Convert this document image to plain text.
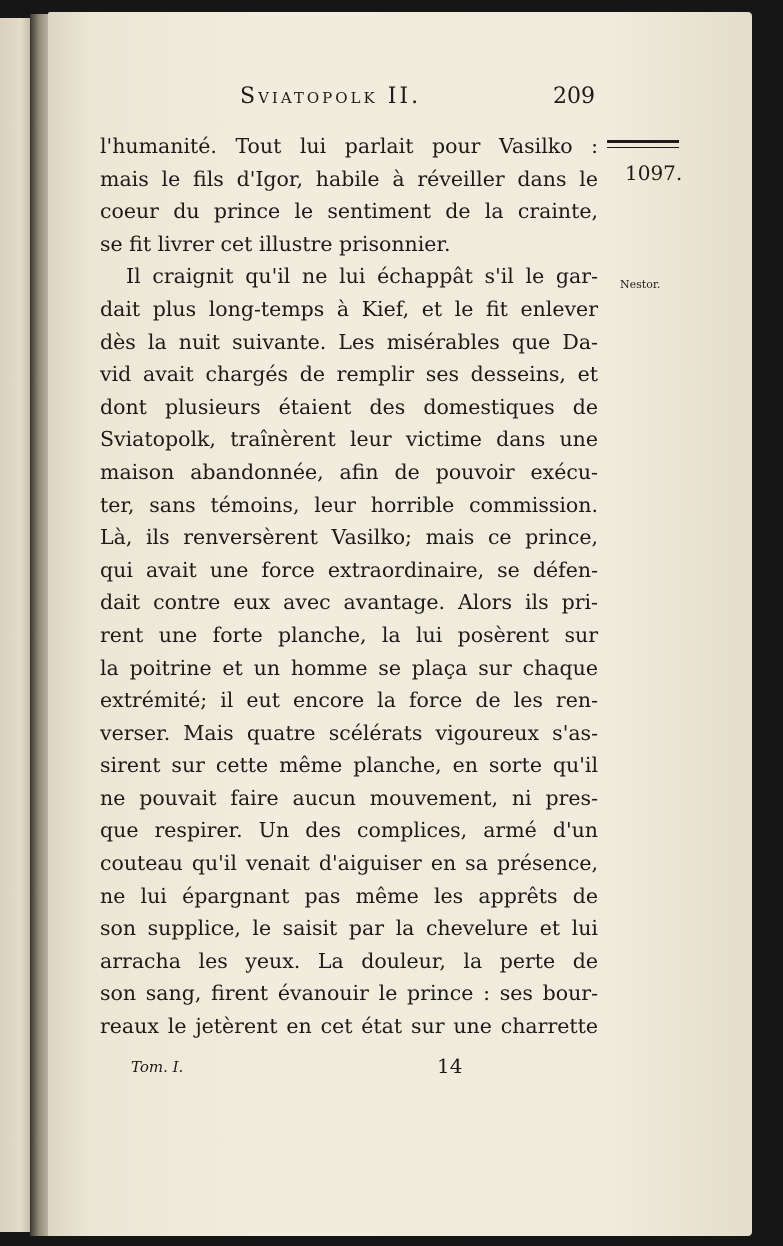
Sviatopolk II.	209
1097.
Nestor.
l'humanité. Tout lui parlait pour Vasilko :
mais le fils d'Igor, habile à réveiller dans le
coeur du prince le sentiment de la crainte,
se fit livrer cet illustre prisonnier.
Il craignit qu'il ne lui échappât s'il le gar-
dait plus long-temps à Kief, et le fit enlever
dès la nuit suivante. Les misérables que Da-
vid avait chargés de remplir ses desseins, et
dont plusieurs étaient des domestiques de
Sviatopolk, traînèrent leur victime dans une
maison abandonnée, afin de pouvoir exécu-
ter, sans témoins, leur horrible commission.
Là, ils renversèrent Vasilko; mais ce prince,
qui avait une force extraordinaire, se défen-
dait contre eux avec avantage. Alors ils pri-
rent une forte planche, la lui posèrent sur
la poitrine et un homme se plaça sur chaque
extrémité; il eut encore la force de les ren-
verser. Mais quatre scélérats vigoureux s'as-
sirent sur cette même planche, en sorte qu'il
ne pouvait faire aucun mouvement, ni pres-
que respirer. Un des complices, armé d'un
couteau qu'il venait d'aiguiser en sa présence,
ne lui épargnant pas même les apprêts de
son supplice, le saisit par la chevelure et lui
arracha les yeux. La douleur, la perte de
son sang, firent évanouir le prince : ses bour-
reaux le jetèrent en cet état sur une charrette
Tom. I.	14
